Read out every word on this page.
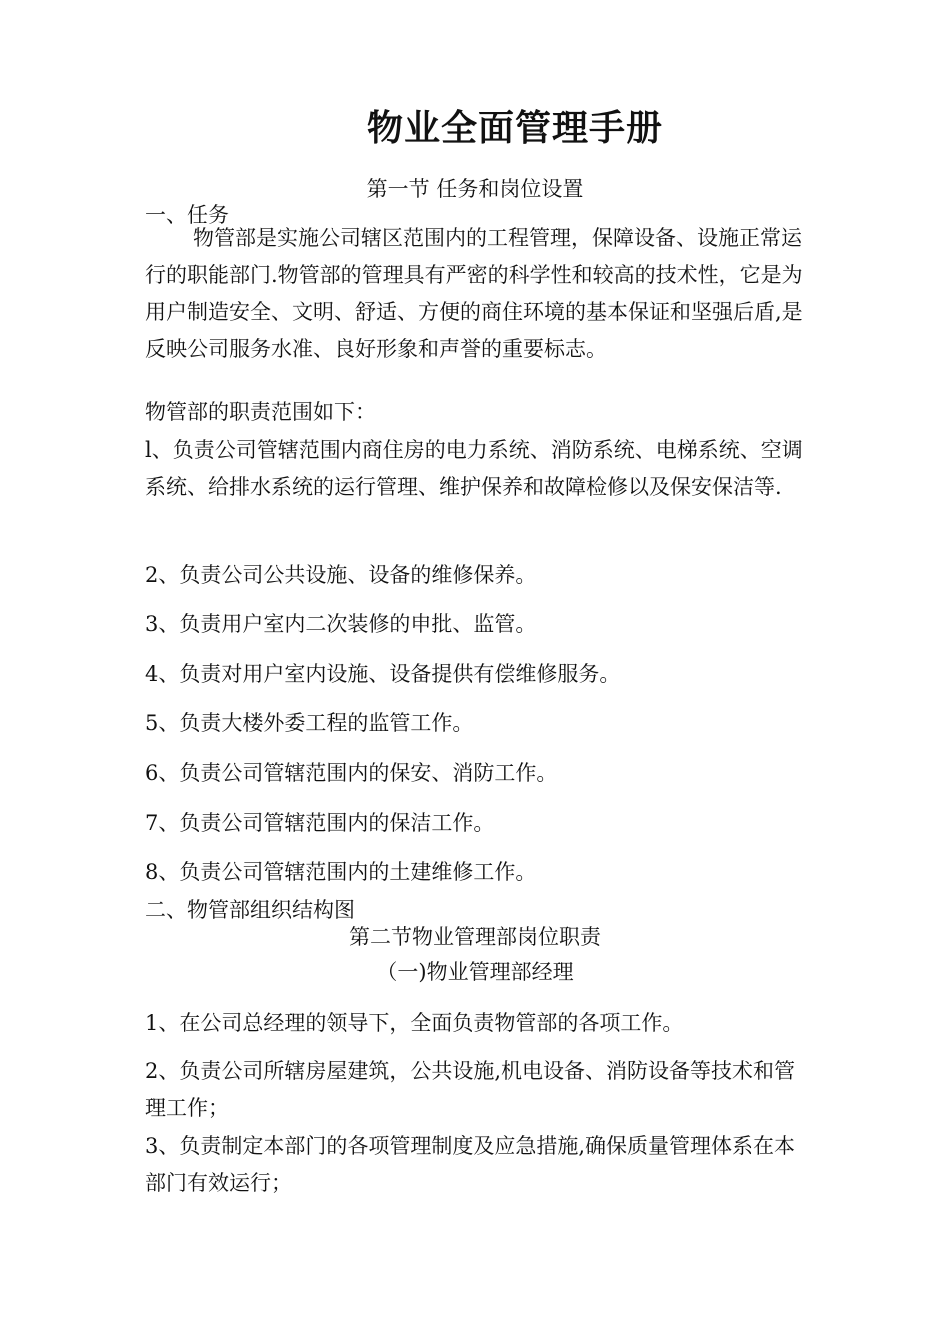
物业全面管理手册
第一节 任务和岗位设置
一、任务
物管部是实施公司辖区范围内的工程管理，保障设备、设施正常运行的职能部门.物管部的管理具有严密的科学性和较高的技术性，它是为用户制造安全、文明、舒适、方便的商住环境的基本保证和坚强后盾,是反映公司服务水准、良好形象和声誉的重要标志。
物管部的职责范围如下：
l、负责公司管辖范围内商住房的电力系统、消防系统、电梯系统、空调系统、给排水系统的运行管理、维护保养和故障检修以及保安保洁等.
2、负责公司公共设施、设备的维修保养。
3、负责用户室内二次装修的申批、监管。
4、负责对用户室内设施、设备提供有偿维修服务。
5、负责大楼外委工程的监管工作。
6、负责公司管辖范围内的保安、消防工作。
7、负责公司管辖范围内的保洁工作。
8、负责公司管辖范围内的土建维修工作。
二、物管部组织结构图
第二节物业管理部岗位职责
（一)物业管理部经理
1、在公司总经理的领导下，全面负责物管部的各项工作。
2、负责公司所辖房屋建筑，公共设施,机电设备、消防设备等技术和管理工作；
3、负责制定本部门的各项管理制度及应急措施,确保质量管理体系在本部门有效运行；
